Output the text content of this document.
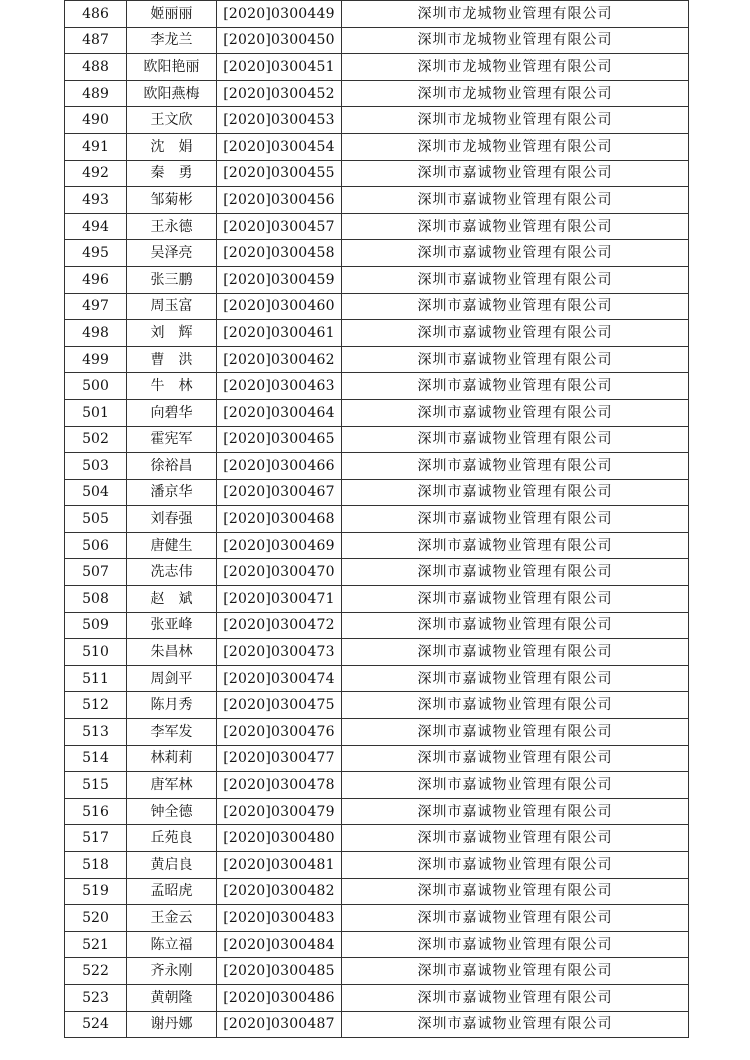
486	姬丽丽	[2020]0300449	深圳市龙城物业管理有限公司
487	李龙兰	[2020]0300450	深圳市龙城物业管理有限公司
488	欧阳艳丽	[2020]0300451	深圳市龙城物业管理有限公司
489	欧阳燕梅	[2020]0300452	深圳市龙城物业管理有限公司
490	王文欣	[2020]0300453	深圳市龙城物业管理有限公司
491	沈　娟	[2020]0300454	深圳市龙城物业管理有限公司
492	秦　勇	[2020]0300455	深圳市嘉诚物业管理有限公司
493	邹菊彬	[2020]0300456	深圳市嘉诚物业管理有限公司
494	王永德	[2020]0300457	深圳市嘉诚物业管理有限公司
495	吴泽亮	[2020]0300458	深圳市嘉诚物业管理有限公司
496	张三鹏	[2020]0300459	深圳市嘉诚物业管理有限公司
497	周玉富	[2020]0300460	深圳市嘉诚物业管理有限公司
498	刘　辉	[2020]0300461	深圳市嘉诚物业管理有限公司
499	曹　洪	[2020]0300462	深圳市嘉诚物业管理有限公司
500	牛　林	[2020]0300463	深圳市嘉诚物业管理有限公司
501	向碧华	[2020]0300464	深圳市嘉诚物业管理有限公司
502	霍宪军	[2020]0300465	深圳市嘉诚物业管理有限公司
503	徐裕昌	[2020]0300466	深圳市嘉诚物业管理有限公司
504	潘京华	[2020]0300467	深圳市嘉诚物业管理有限公司
505	刘春强	[2020]0300468	深圳市嘉诚物业管理有限公司
506	唐健生	[2020]0300469	深圳市嘉诚物业管理有限公司
507	冼志伟	[2020]0300470	深圳市嘉诚物业管理有限公司
508	赵　斌	[2020]0300471	深圳市嘉诚物业管理有限公司
509	张亚峰	[2020]0300472	深圳市嘉诚物业管理有限公司
510	朱昌林	[2020]0300473	深圳市嘉诚物业管理有限公司
511	周剑平	[2020]0300474	深圳市嘉诚物业管理有限公司
512	陈月秀	[2020]0300475	深圳市嘉诚物业管理有限公司
513	李军发	[2020]0300476	深圳市嘉诚物业管理有限公司
514	林莉莉	[2020]0300477	深圳市嘉诚物业管理有限公司
515	唐军林	[2020]0300478	深圳市嘉诚物业管理有限公司
516	钟全德	[2020]0300479	深圳市嘉诚物业管理有限公司
517	丘苑良	[2020]0300480	深圳市嘉诚物业管理有限公司
518	黄启良	[2020]0300481	深圳市嘉诚物业管理有限公司
519	孟昭虎	[2020]0300482	深圳市嘉诚物业管理有限公司
520	王金云	[2020]0300483	深圳市嘉诚物业管理有限公司
521	陈立福	[2020]0300484	深圳市嘉诚物业管理有限公司
522	齐永刚	[2020]0300485	深圳市嘉诚物业管理有限公司
523	黄朝隆	[2020]0300486	深圳市嘉诚物业管理有限公司
524	谢丹娜	[2020]0300487	深圳市嘉诚物业管理有限公司
